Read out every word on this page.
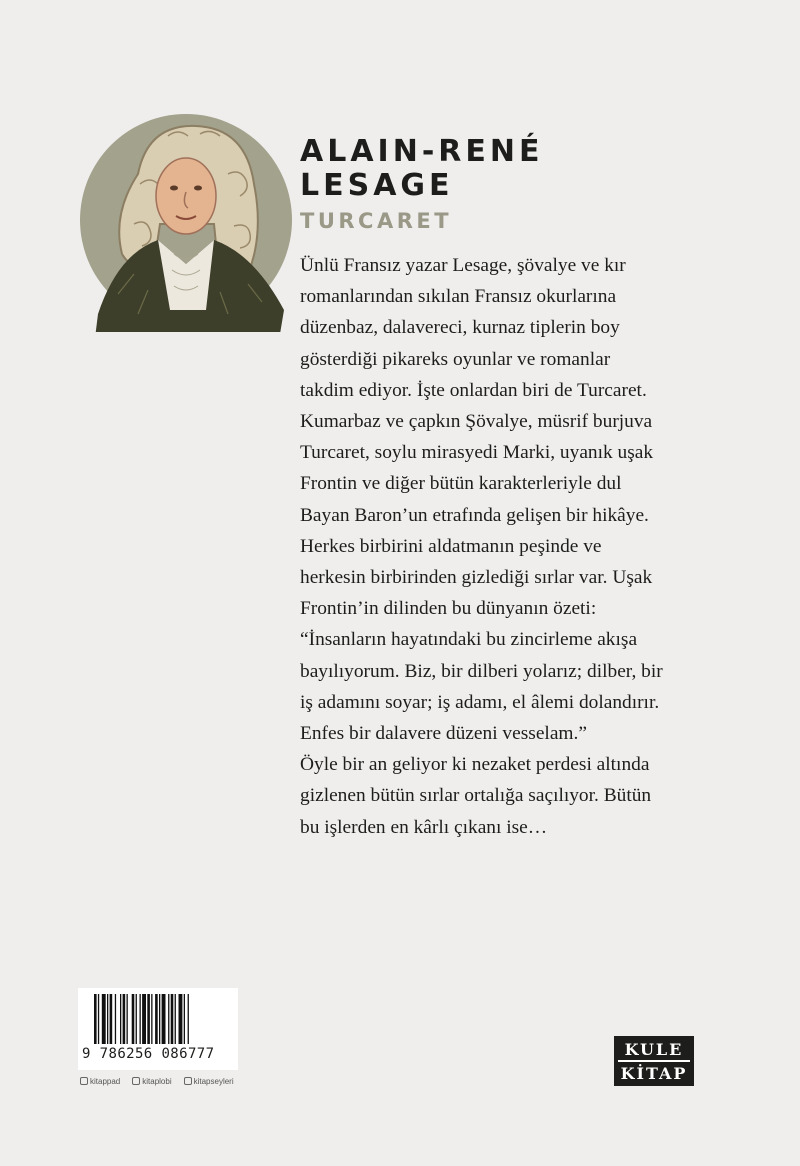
ALAIN-RENÉ
LESAGE
TURCARET
Ünlü Fransız yazar Lesage, şövalye ve kır
romanlarından sıkılan Fransız okurlarına
düzenbaz, dalavereci, kurnaz tiplerin boy
gösterdiği pikareks oyunlar ve romanlar
takdim ediyor. İşte onlardan biri de Turcaret.
Kumarbaz ve çapkın Şövalye, müsrif burjuva
Turcaret, soylu mirasyedi Marki, uyanık uşak
Frontin ve diğer bütün karakterleriyle dul
Bayan Baron’un etrafında gelişen bir hikâye.
Herkes birbirini aldatmanın peşinde ve
herkesin birbirinden gizlediği sırlar var. Uşak
Frontin’in dilinden bu dünyanın özeti:
“İnsanların hayatındaki bu zincirleme akışa
bayılıyorum. Biz, bir dilberi yolarız; dilber, bir
iş adamını soyar; iş adamı, el âlemi dolandırır.
Enfes bir dalavere düzeni vesselam.”
Öyle bir an geliyor ki nezaket perdesi altında
gizlenen bütün sırlar ortalığa saçılıyor. Bütün
bu işlerden en kârlı çıkanı ise…
9 786256 086777
kitappad	kitaplobi	kitapseyleri
KULE
KİTAP
